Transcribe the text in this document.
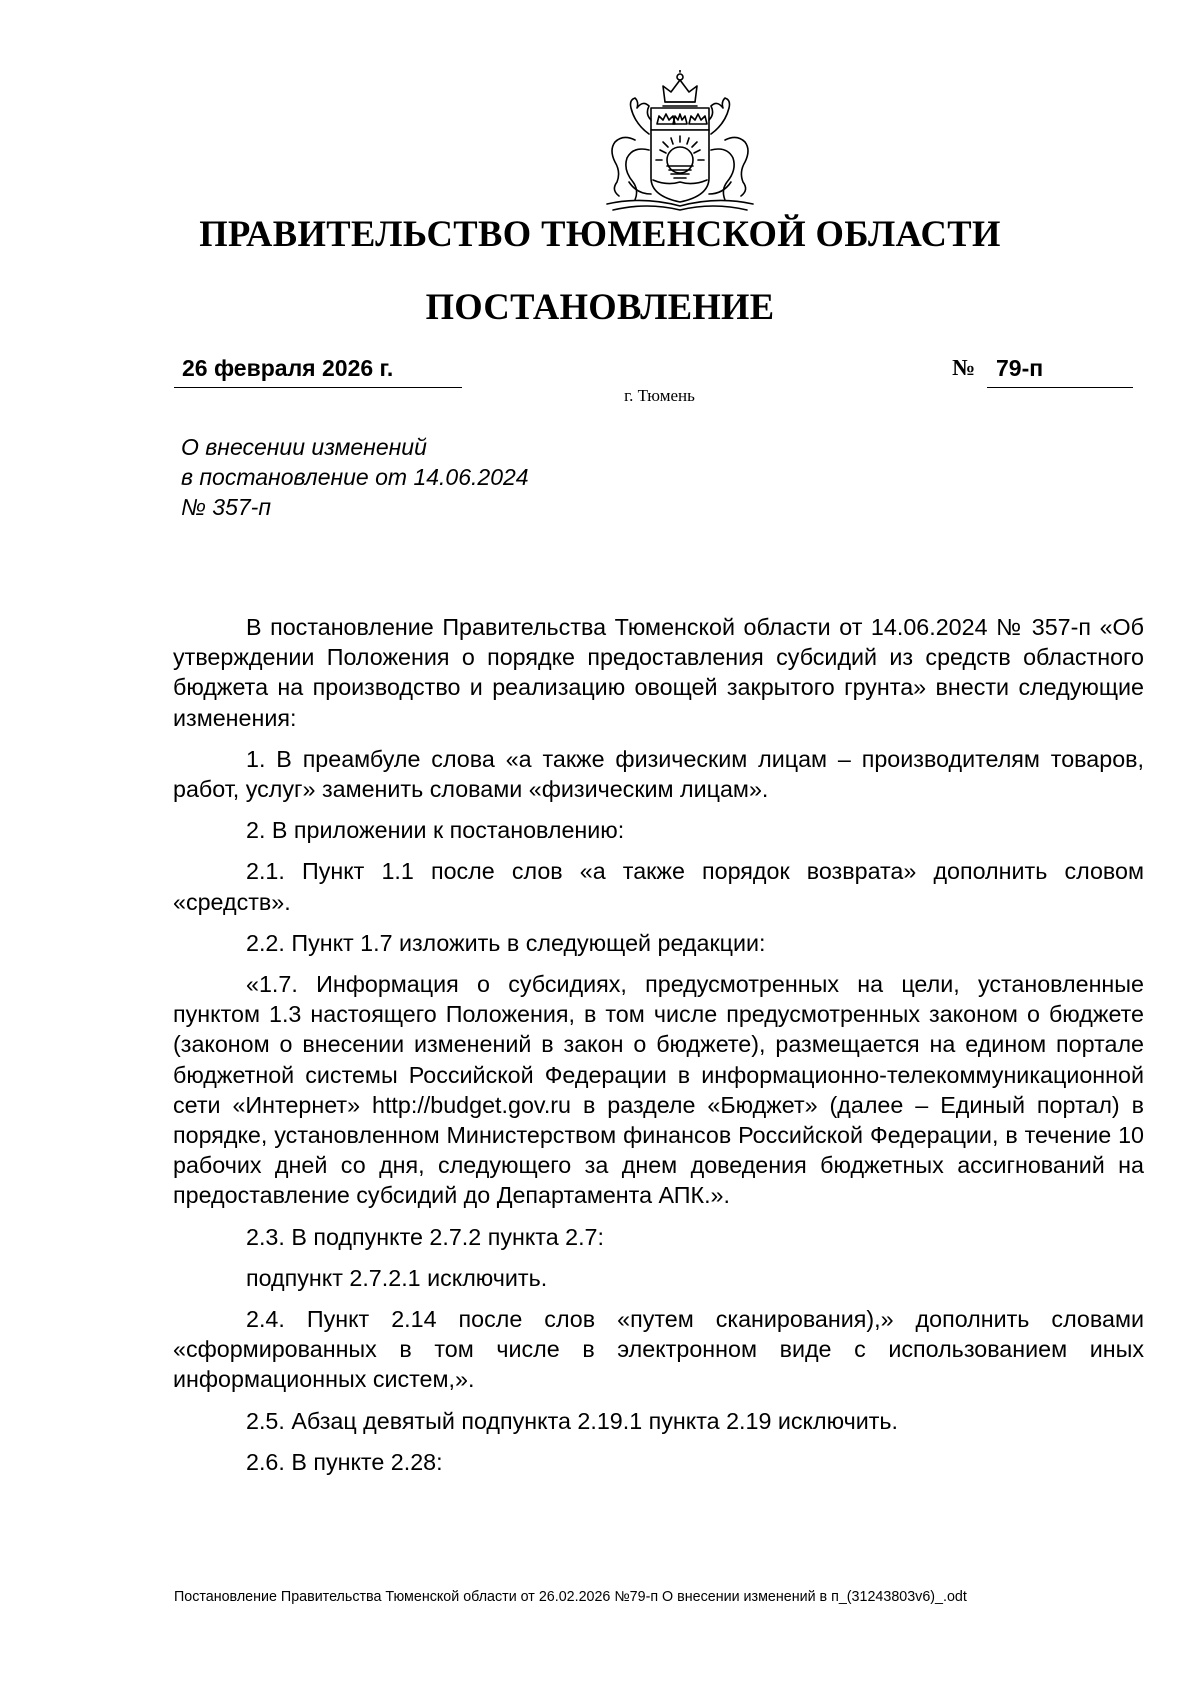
ПРАВИТЕЛЬСТВО ТЮМЕНСКОЙ ОБЛАСТИ
ПОСТАНОВЛЕНИЕ
26 февраля 2026 г.	№ 79-п
г. Тюмень
О внесении изменений
в постановление от 14.06.2024
№ 357-п

В постановление Правительства Тюменской области от 14.06.2024 № 357-п «Об утверждении Положения о порядке предоставления субсидий из средств областного бюджета на производство и реализацию овощей закрытого грунта» внести следующие изменения:

1. В преамбуле слова «а также физическим лицам – производителям товаров, работ, услуг» заменить словами «физическим лицам».

2. В приложении к постановлению:

2.1. Пункт 1.1 после слов «а также порядок возврата» дополнить словом «средств».

2.2. Пункт 1.7 изложить в следующей редакции:

«1.7. Информация о субсидиях, предусмотренных на цели, установленные пунктом 1.3 настоящего Положения, в том числе предусмотренных законом о бюджете (законом о внесении изменений в закон о бюджете), размещается на едином портале бюджетной системы Российской Федерации в информационно-телекоммуникационной сети «Интернет» http://budget.gov.ru в разделе «Бюджет» (далее – Единый портал) в порядке, установленном Министерством финансов Российской Федерации, в течение 10 рабочих дней со дня, следующего за днем доведения бюджетных ассигнований на предоставление субсидий до Департамента АПК.».

2.3. В подпункте 2.7.2 пункта 2.7:

подпункт 2.7.2.1 исключить.

2.4. Пункт 2.14 после слов «путем сканирования),» дополнить словами «сформированных в том числе в электронном виде с использованием иных информационных систем,».

2.5. Абзац девятый подпункта 2.19.1 пункта 2.19 исключить.

2.6. В пункте 2.28:

Постановление Правительства Тюменской области от 26.02.2026 №79-п О внесении изменений в п_(31243803v6)_.odt
